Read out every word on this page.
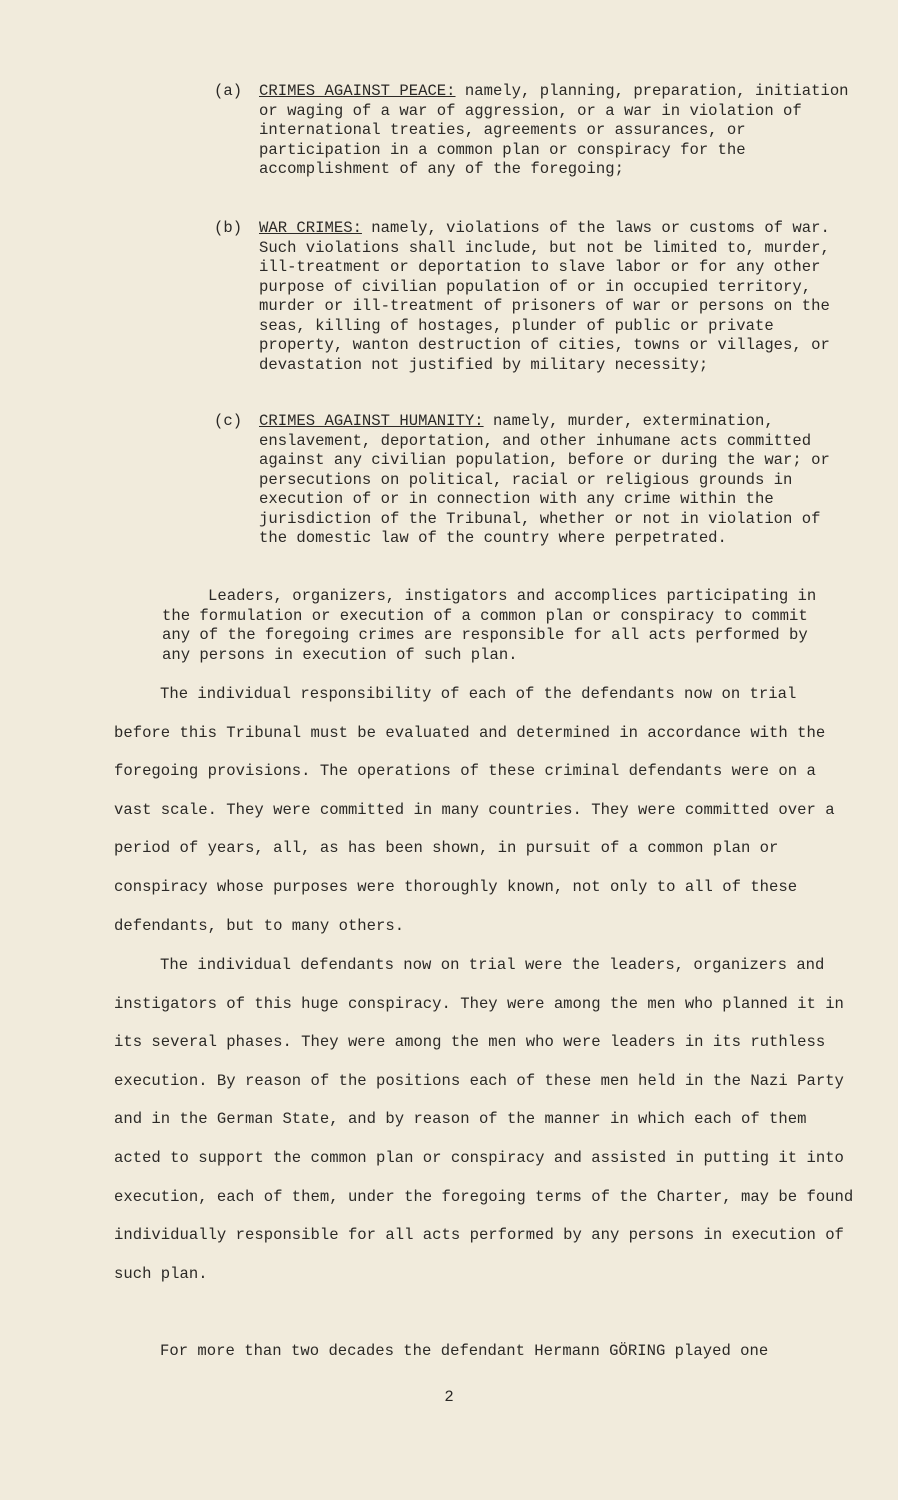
(a) CRIMES AGAINST PEACE: namely, planning, preparation, initiation or waging of a war of aggression, or a war in violation of international treaties, agreements or assurances, or participation in a common plan or conspiracy for the accomplishment of any of the foregoing;
(b) WAR CRIMES: namely, violations of the laws or customs of war. Such violations shall include, but not be limited to, murder, ill-treatment or deportation to slave labor or for any other purpose of civilian population of or in occupied territory, murder or ill-treatment of prisoners of war or persons on the seas, killing of hostages, plunder of public or private property, wanton destruction of cities, towns or villages, or devastation not justified by military necessity;
(c) CRIMES AGAINST HUMANITY: namely, murder, extermination, enslavement, deportation, and other inhumane acts committed against any civilian population, before or during the war; or persecutions on political, racial or religious grounds in execution of or in connection with any crime within the jurisdiction of the Tribunal, whether or not in violation of the domestic law of the country where perpetrated.
Leaders, organizers, instigators and accomplices participating in the formulation or execution of a common plan or conspiracy to commit any of the foregoing crimes are responsible for all acts performed by any persons in execution of such plan.
The individual responsibility of each of the defendants now on trial before this Tribunal must be evaluated and determined in accordance with the foregoing provisions. The operations of these criminal defendants were on a vast scale. They were committed in many countries. They were committed over a period of years, all, as has been shown, in pursuit of a common plan or conspiracy whose purposes were thoroughly known, not only to all of these defendants, but to many others.
The individual defendants now on trial were the leaders, organizers and instigators of this huge conspiracy. They were among the men who planned it in its several phases. They were among the men who were leaders in its ruthless execution. By reason of the positions each of these men held in the Nazi Party and in the German State, and by reason of the manner in which each of them acted to support the common plan or conspiracy and assisted in putting it into execution, each of them, under the foregoing terms of the Charter, may be found individually responsible for all acts performed by any persons in execution of such plan.
For more than two decades the defendant Hermann GÖRING played one
2
